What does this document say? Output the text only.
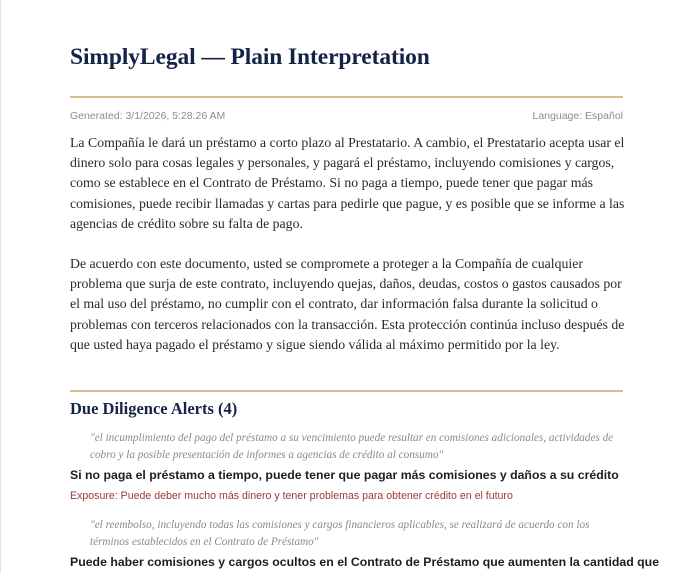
SimplyLegal — Plain Interpretation
Generated: 3/1/2026, 5:28:26 AM	Language: Español

La Compañía le dará un préstamo a corto plazo al Prestatario. A cambio, el Prestatario acepta usar el dinero solo para cosas legales y personales, y pagará el préstamo, incluyendo comisiones y cargos, como se establece en el Contrato de Préstamo. Si no paga a tiempo, puede tener que pagar más comisiones, puede recibir llamadas y cartas para pedirle que pague, y es posible que se informe a las agencias de crédito sobre su falta de pago.

De acuerdo con este documento, usted se compromete a proteger a la Compañía de cualquier problema que surja de este contrato, incluyendo quejas, daños, deudas, costos o gastos causados por el mal uso del préstamo, no cumplir con el contrato, dar información falsa durante la solicitud o problemas con terceros relacionados con la transacción. Esta protección continúa incluso después de que usted haya pagado el préstamo y sigue siendo válida al máximo permitido por la ley.

Due Diligence Alerts (4)

"el incumplimiento del pago del préstamo a su vencimiento puede resultar en comisiones adicionales, actividades de cobro y la posible presentación de informes a agencias de crédito al consumo"

Si no paga el préstamo a tiempo, puede tener que pagar más comisiones y daños a su crédito

Exposure: Puede deber mucho más dinero y tener problemas para obtener crédito en el futuro

"el reembolso, incluyendo todas las comisiones y cargos financieros aplicables, se realizará de acuerdo con los términos establecidos en el Contrato de Préstamo"

Puede haber comisiones y cargos ocultos en el Contrato de Préstamo que aumenten la cantidad que
